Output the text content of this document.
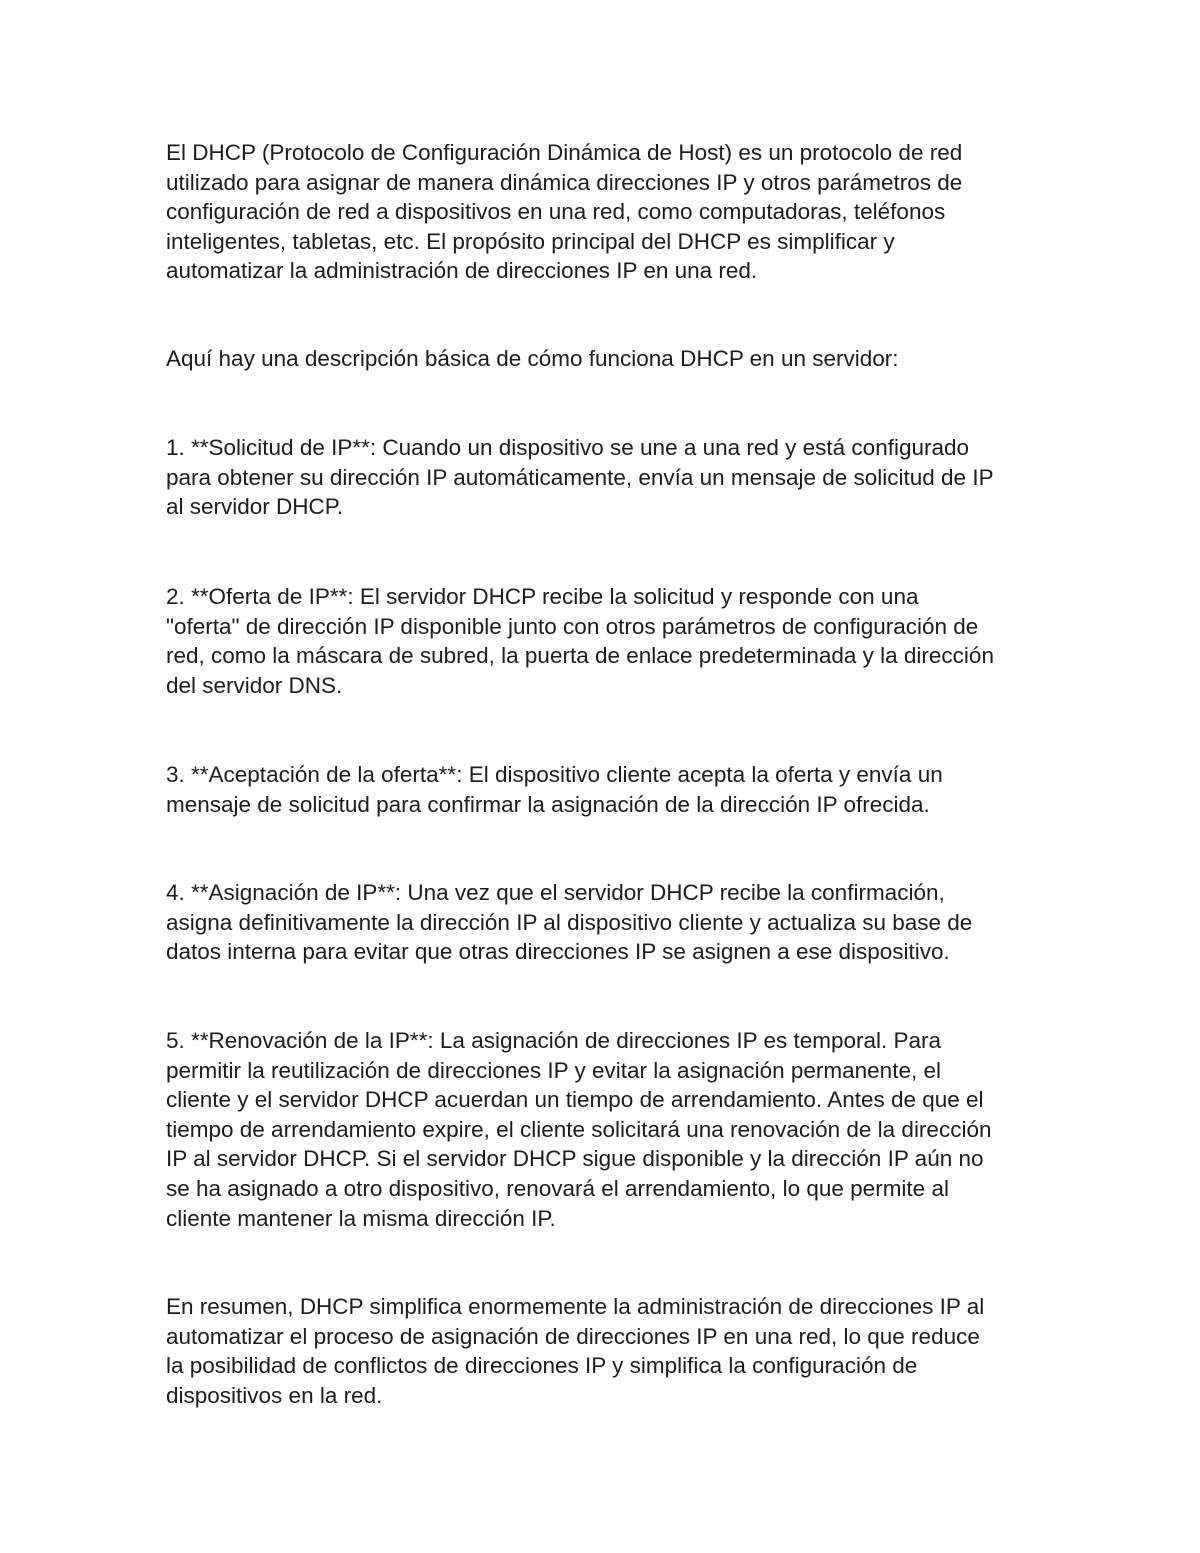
El DHCP (Protocolo de Configuración Dinámica de Host) es un protocolo de red
utilizado para asignar de manera dinámica direcciones IP y otros parámetros de
configuración de red a dispositivos en una red, como computadoras, teléfonos
inteligentes, tabletas, etc. El propósito principal del DHCP es simplificar y
automatizar la administración de direcciones IP en una red.

Aquí hay una descripción básica de cómo funciona DHCP en un servidor:

1. **Solicitud de IP**: Cuando un dispositivo se une a una red y está configurado
para obtener su dirección IP automáticamente, envía un mensaje de solicitud de IP
al servidor DHCP.

2. **Oferta de IP**: El servidor DHCP recibe la solicitud y responde con una
"oferta" de dirección IP disponible junto con otros parámetros de configuración de
red, como la máscara de subred, la puerta de enlace predeterminada y la dirección
del servidor DNS.

3. **Aceptación de la oferta**: El dispositivo cliente acepta la oferta y envía un
mensaje de solicitud para confirmar la asignación de la dirección IP ofrecida.

4. **Asignación de IP**: Una vez que el servidor DHCP recibe la confirmación,
asigna definitivamente la dirección IP al dispositivo cliente y actualiza su base de
datos interna para evitar que otras direcciones IP se asignen a ese dispositivo.

5. **Renovación de la IP**: La asignación de direcciones IP es temporal. Para
permitir la reutilización de direcciones IP y evitar la asignación permanente, el
cliente y el servidor DHCP acuerdan un tiempo de arrendamiento. Antes de que el
tiempo de arrendamiento expire, el cliente solicitará una renovación de la dirección
IP al servidor DHCP. Si el servidor DHCP sigue disponible y la dirección IP aún no
se ha asignado a otro dispositivo, renovará el arrendamiento, lo que permite al
cliente mantener la misma dirección IP.

En resumen, DHCP simplifica enormemente la administración de direcciones IP al
automatizar el proceso de asignación de direcciones IP en una red, lo que reduce
la posibilidad de conflictos de direcciones IP y simplifica la configuración de
dispositivos en la red.
